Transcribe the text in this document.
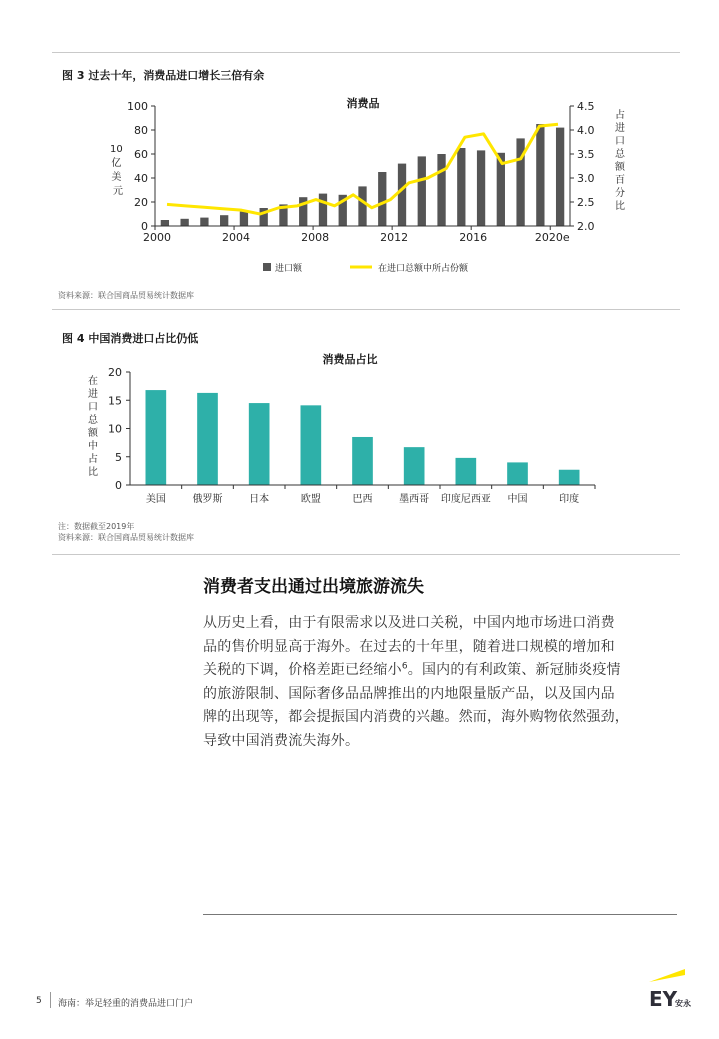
图 3 过去十年，消费品进口增长三倍有余
消费品
10 亿 美 元
占进口总额百分比
0
20
40
60
80
100
2.0
2.5
3.0
3.5
4.0
4.5
2000	2004	2008	2012	2016	2020e
进口额	在进口总额中所占份额
资料来源：联合国商品贸易统计数据库
图 4 中国消费进口占比仍低
消费品占比
在进口总额中占比
0
5
10
15
20
美国	俄罗斯	日本	欧盟	巴西	墨西哥 印度尼西亚 中国	印度
注：数据截至2019年
资料来源：联合国商品贸易统计数据库
消费者支出通过出境旅游流失

从历史上看，由于有限需求以及进口关税，中国内地市场进口消费
品的售价明显高于海外。在过去的十年里，随着进口规模的增加和
关税的下调，价格差距已经缩小$^6$。国内的有利政策、新冠肺炎疫情
的旅游限制、国际奢侈品品牌推出的内地限量版产品，以及国内品
牌的出现等，都会提振国内消费的兴趣。然而，海外购物依然强劲，
导致中国消费流失海外。

5 海南：举足轻重的消费品进口门户	EY
安永
